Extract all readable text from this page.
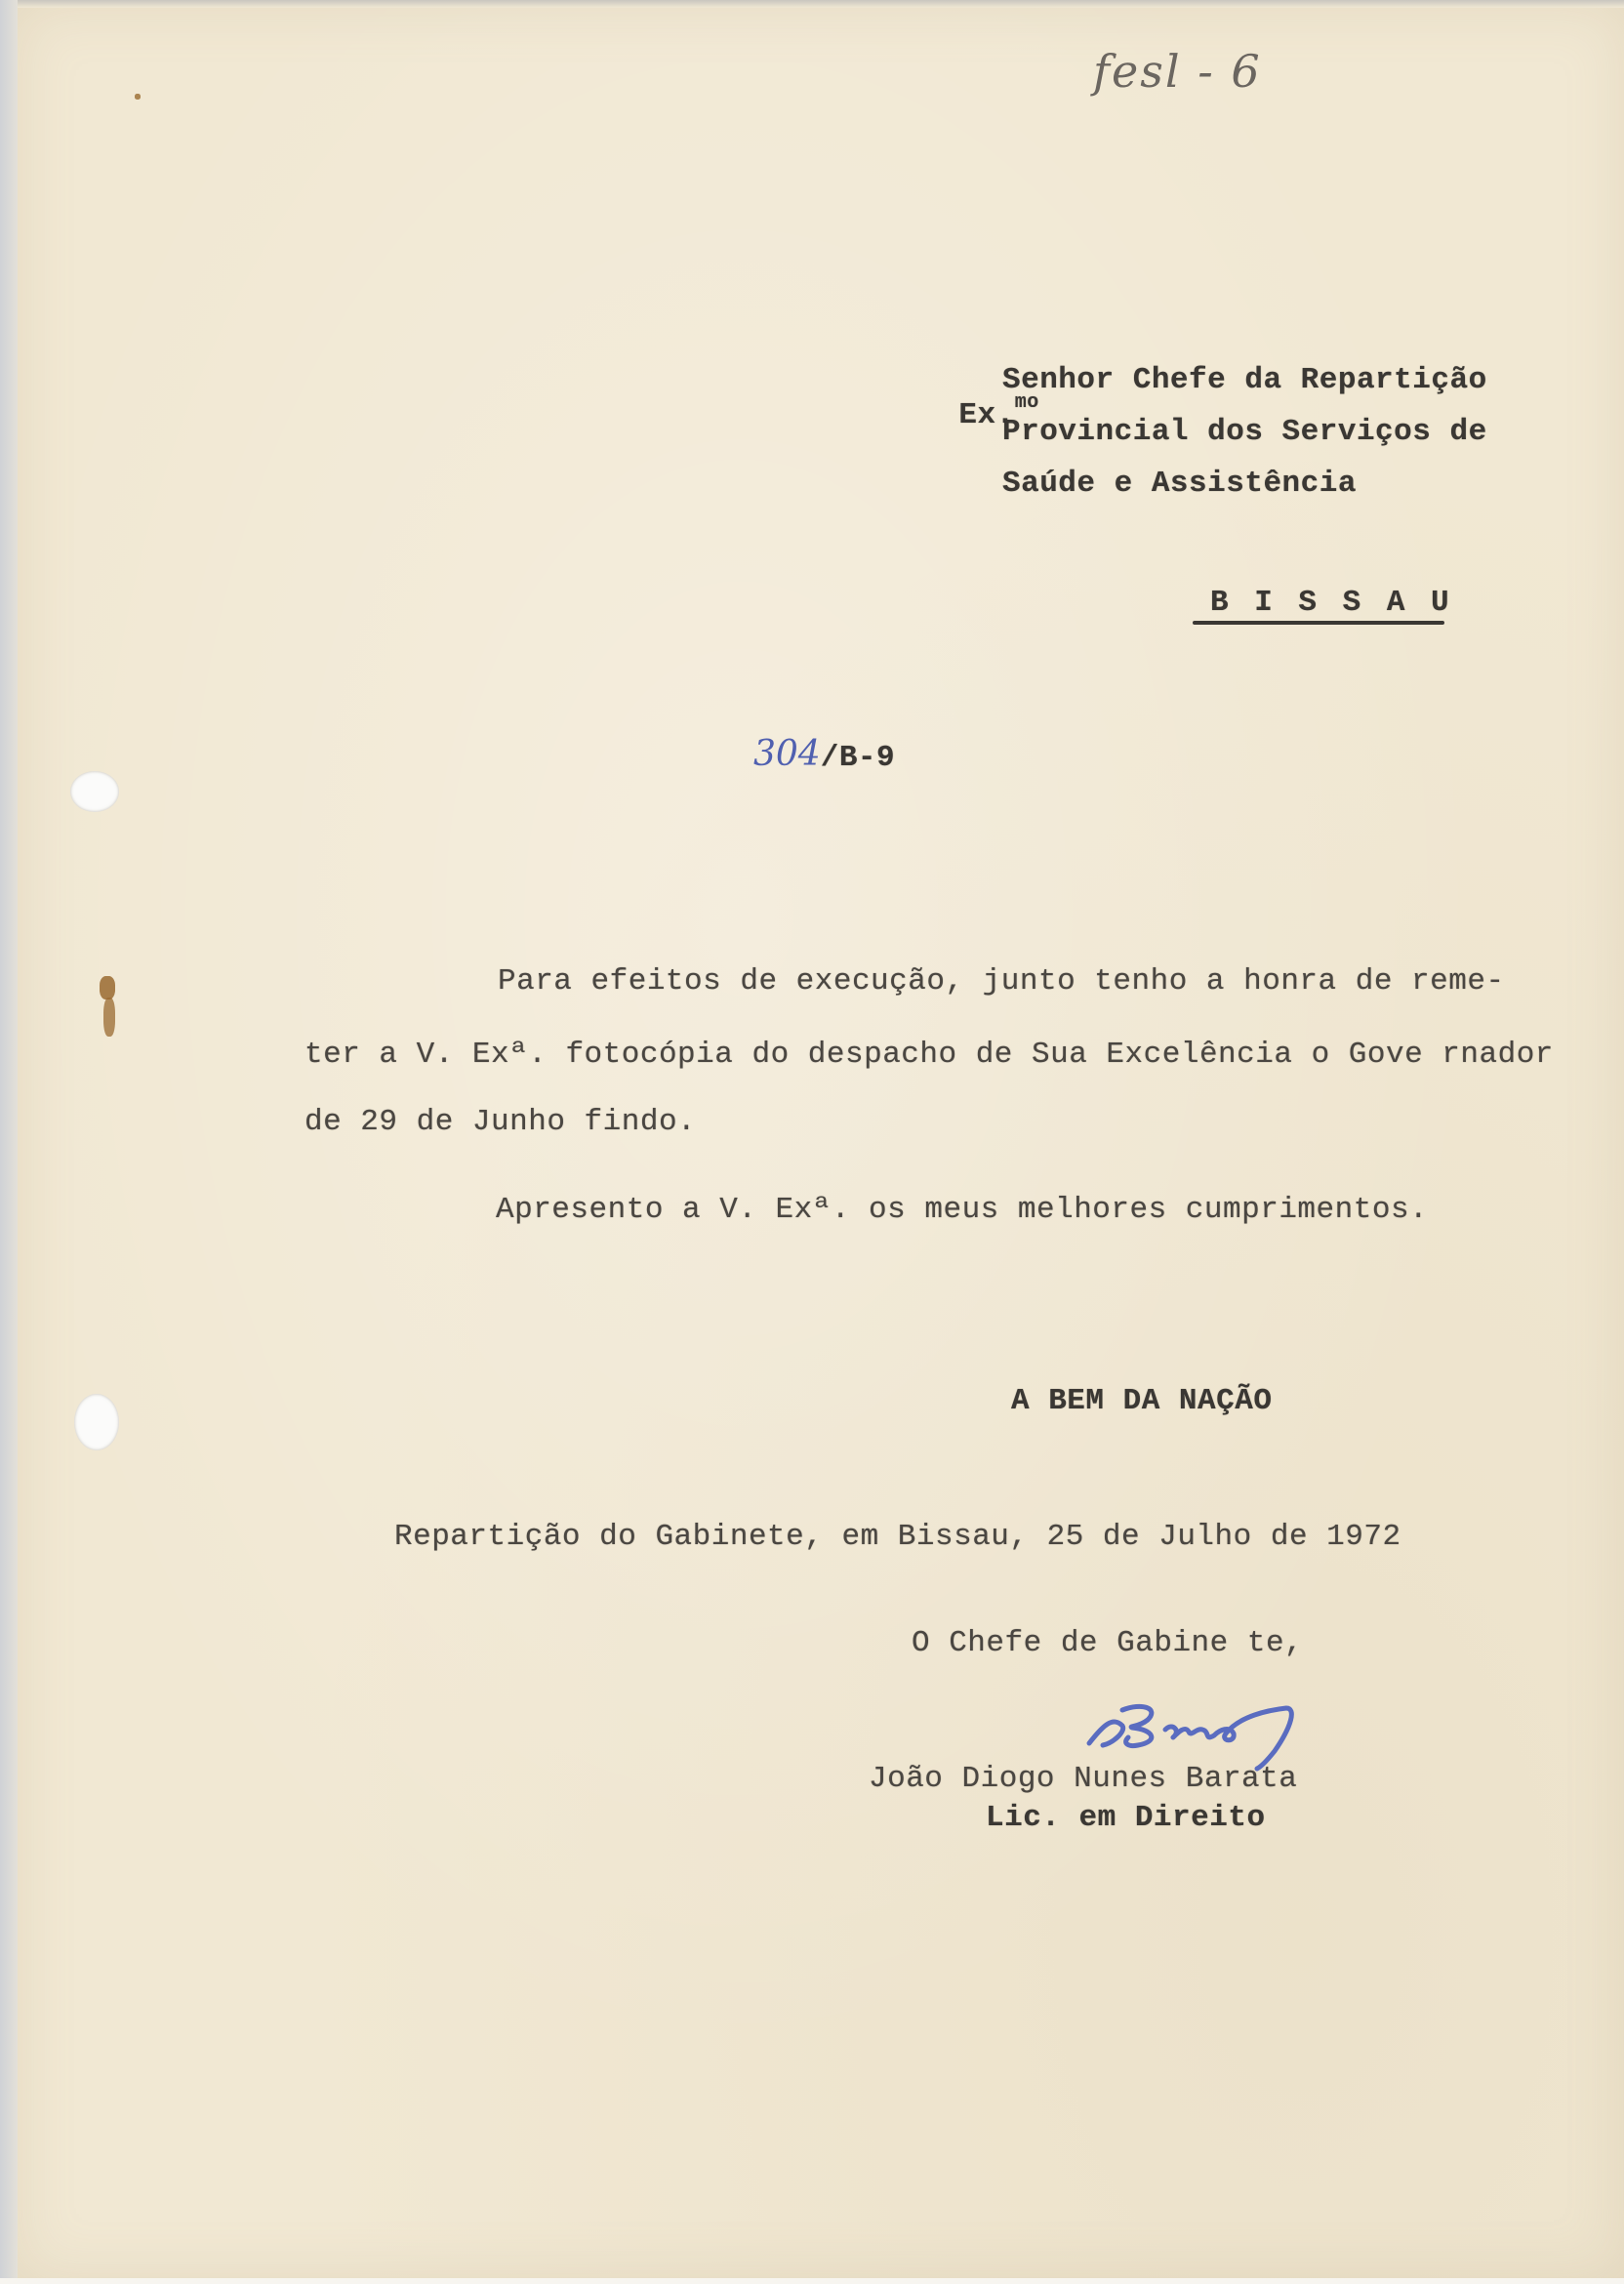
fesl - 6

Ex.$^{mo}$

Senhor Chefe da Repartição
Provincial dos Serviços de
Saúde e Assistência
B I S S A U
304/B-9
Para efeitos de execução, junto tenho a honra de reme-
ter a V. Exª. fotocópia do despacho de Sua Excelência o Gove rnador
de 29 de Junho findo.
Apresento a V. Exª. os meus melhores cumprimentos.
A BEM DA NAÇÃO
Repartição do Gabinete, em Bissau, 25 de Julho de 1972
O Chefe de Gabine te,
João Diogo Nunes Barata
Lic. em Direito
